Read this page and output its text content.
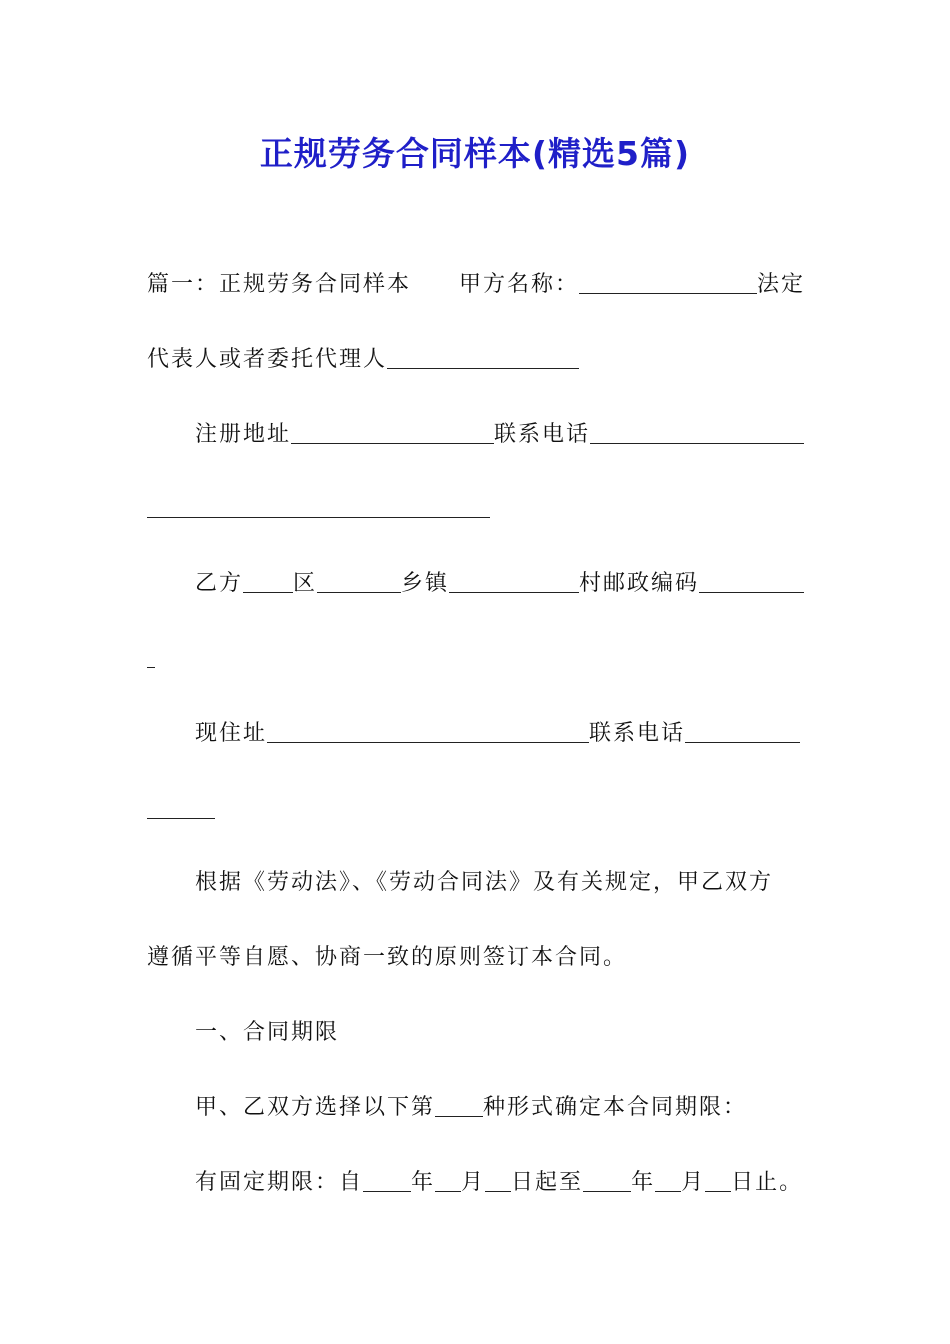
正规劳务合同样本(精选5篇)
篇一：正规劳务合同样本 甲方名称：	法定
代表人或者委托代理人
注册地址	联系电话
乙方 区	乡镇	村邮政编码
现住址	联系电话
根据《劳动法》、《劳动合同法》及有关规定，甲乙双方
遵循平等自愿、协商一致的原则签订本合同。
一、合同期限
甲、乙双方选择以下第 种形式确定本合同期限：
有固定期限：自 年 月 日起至 年 月 日止。
